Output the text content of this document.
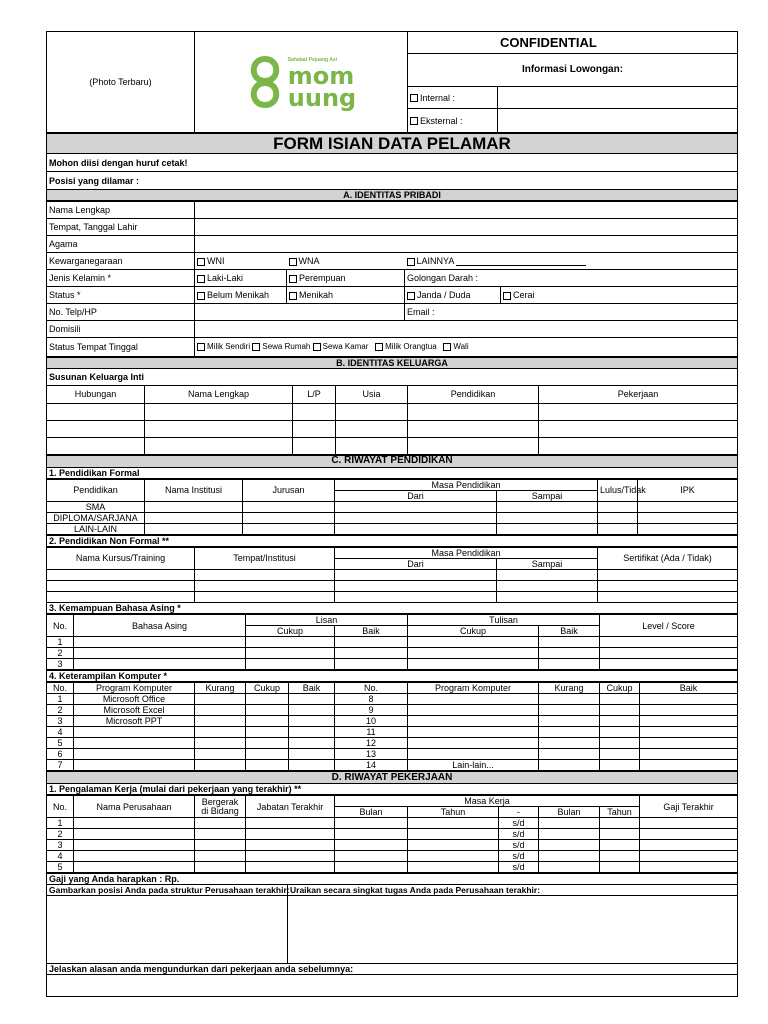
(Photo Terbaru)	Sahabat Pejuang Asi
mom
uung	CONFIDENTIAL	
		Informasi Lowongan:	
		Internal :	
		Eksternal :	

FORM ISIAN DATA PELAMAR
Mohon diisi dengan huruf cetak!
Posisi yang dilamar :
A. IDENTITAS PRIBADI
Nama Lengkap				
Tempat, Tanggal Lahir				
Agama				
Kewarganegaraan	WNI	WNA	LAINNYA	
Jenis Kelamin *	Laki-Laki	Perempuan	Golongan Darah :	
Status *	Belum Menikah	Menikah	Janda / Duda	Cerai
No. Telp/HP			Email :	
Domisili				
Status Tempat Tinggal	Milik Sendiri Sewa Rumah Sewa Kamar Milik Orangtua Wali			
B. IDENTITAS KELUARGA
Susunan Keluarga Inti
Hubungan	Nama Lengkap	L/P	Usia	Pendidikan	Pekerjaan

C. RIWAYAT PENDIDIKAN
1. Pendidikan Formal
Pendidikan	Nama Institusi	Jurusan	Masa Pendidikan		Lulus/Tidak	IPK
			Dari	Sampai		
SMA						
DIPLOMA/SARJANA						
LAIN-LAIN						
2. Pendidikan Non Formal **
Nama Kursus/Training	Tempat/Institusi	Masa Pendidikan		Sertifikat (Ada / Tidak)
		Dari	Sampai	

3. Kemampuan Bahasa Asing *
No.	Bahasa Asing	Lisan		Tulisan		Level / Score
		Cukup	Baik	Cukup	Baik	
1						
2						
3						
4. Keterampilan Komputer *
No.	Program Komputer	Kurang	Cukup	Baik	No.	Program Komputer	Kurang	Cukup	Baik
1	Microsoft Office				8				
2	Microsoft Excel				9				
3	Microsoft PPT				10				
4					11				
5					12				
6					13				
7					14	Lain-lain...			
D. RIWAYAT PEKERJAAN
1. Pengalaman Kerja (mulai dari pekerjaan yang terakhir) **
No.	Nama Perusahaan	Bergerak di Bidang	Jabatan Terakhir	Masa Kerja					Gaji Terakhir
				Bulan	Tahun	-	Bulan	Tahun	
1						s/d			
2						s/d			
3						s/d			
4						s/d			
5						s/d			
Gaji yang Anda harapkan : Rp.	
Gambarkan posisi Anda pada struktur Perusahaan terakhir:	Uraikan secara singkat tugas Anda pada Perusahaan terakhir:

Jelaskan alasan anda mengundurkan dari pekerjaan anda sebelumnya:	
